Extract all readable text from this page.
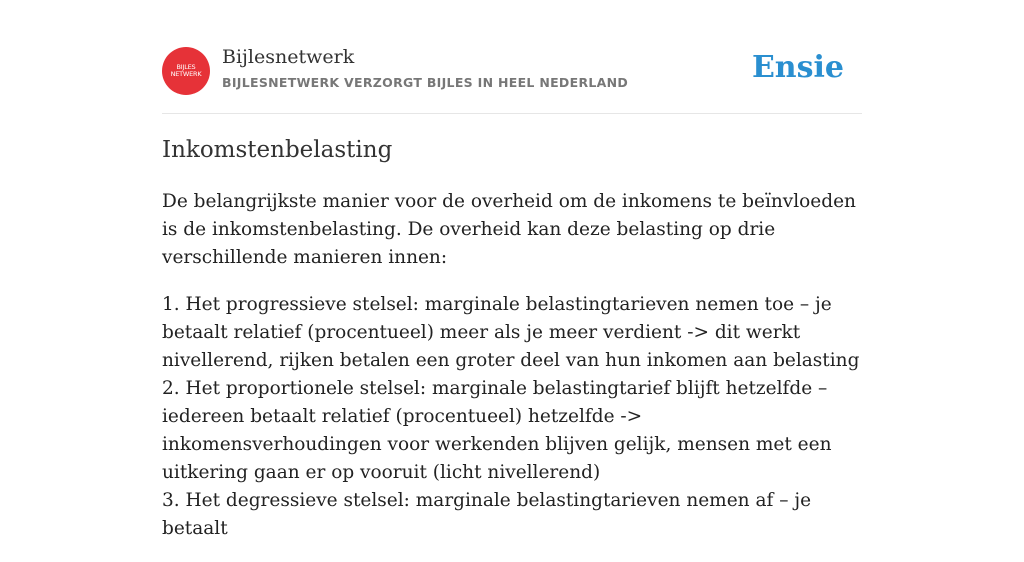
BIJLES
NETWERK
Bijlesnetwerk
BIJLESNETWERK VERZORGT BIJLES IN HEEL NEDERLAND	Ensie
Inkomstenbelasting

De belangrijkste manier voor de overheid om de inkomens te beïnvloeden is de inkomstenbelasting. De overheid kan deze belasting op drie verschillende manieren innen:

1. Het progressieve stelsel: marginale belastingtarieven nemen toe – je betaalt relatief (procentueel) meer als je meer verdient -> dit werkt nivellerend, rijken betalen een groter deel van hun inkomen aan belasting
2. Het proportionele stelsel: marginale belastingtarief blijft hetzelfde – iedereen betaalt relatief (procentueel) hetzelfde -> inkomensverhoudingen voor werkenden blijven gelijk, mensen met een uitkering gaan er op vooruit (licht nivellerend)
3. Het degressieve stelsel: marginale belastingtarieven nemen af – je betaalt
